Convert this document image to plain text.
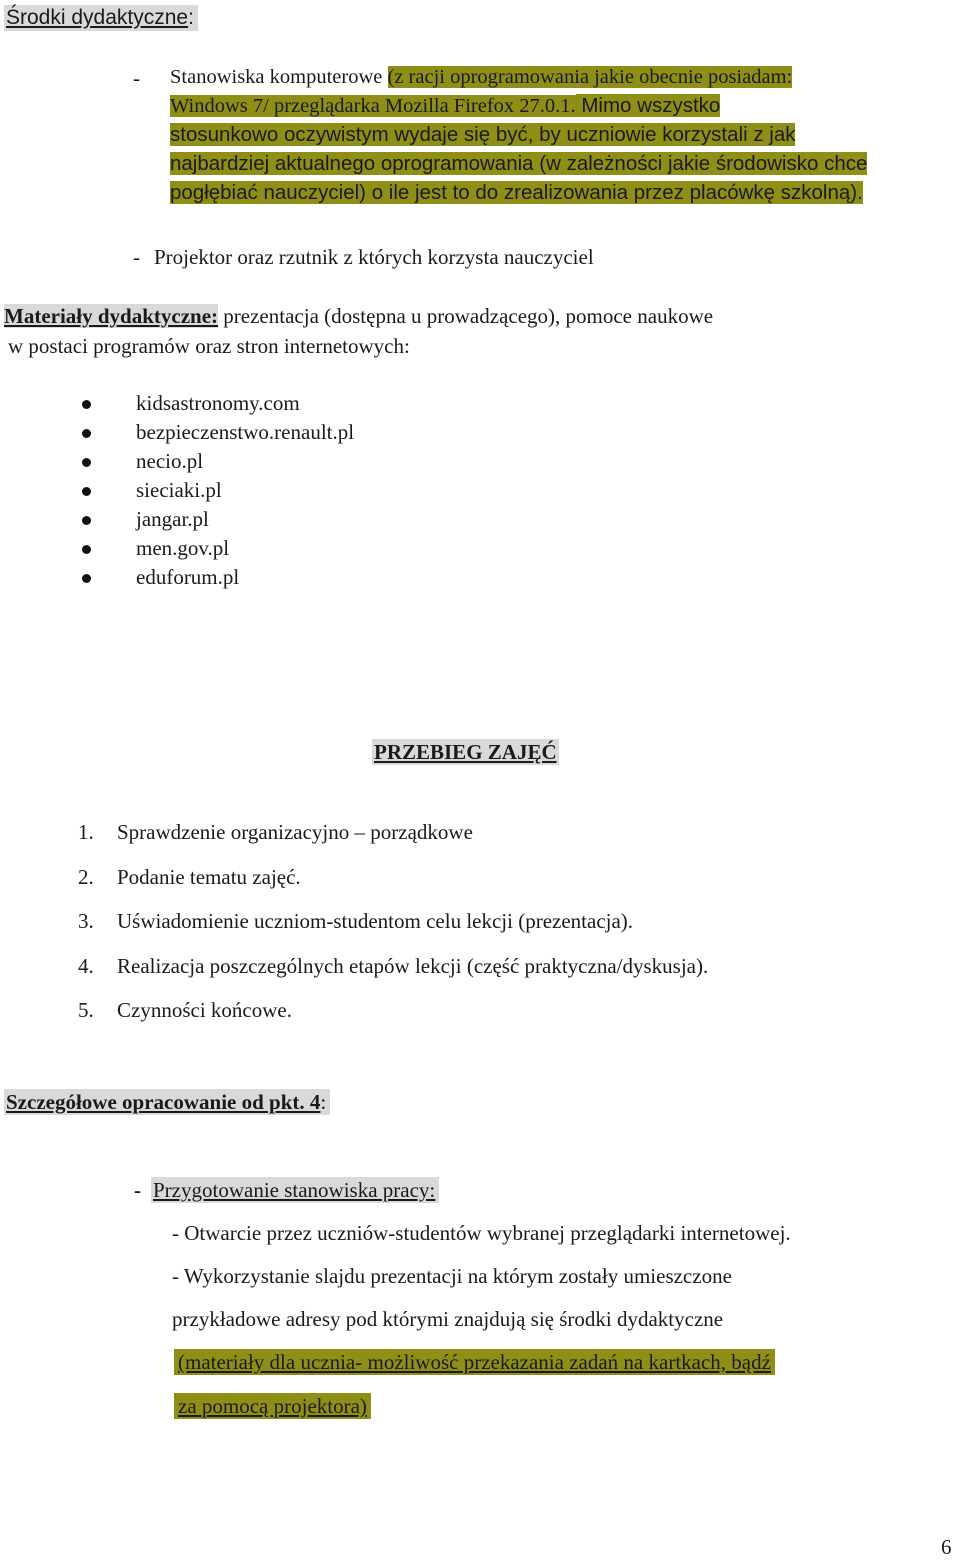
Środki dydaktyczne:
- Stanowiska komputerowe (z racji oprogramowania jakie obecnie posiadam:
Windows 7/ przeglądarka Mozilla Firefox 27.0.1. Mimo wszystko
stosunkowo oczywistym wydaje się być, by uczniowie korzystali z jak
najbardziej aktualnego oprogramowania (w zależności jakie środowisko chce
pogłębiać nauczyciel) o ile jest to do zrealizowania przez placówkę szkolną).
- Projektor oraz rzutnik z których korzysta nauczyciel
Materiały dydaktyczne: prezentacja (dostępna u prowadzącego), pomoce naukowe
w postaci programów oraz stron internetowych:
kidsastronomy.com
bezpieczenstwo.renault.pl
necio.pl
sieciaki.pl
jangar.pl
men.gov.pl
eduforum.pl
PRZEBIEG ZAJĘĆ
1. Sprawdzenie organizacyjno – porządkowe
2. Podanie tematu zajęć.
3. Uświadomienie uczniom-studentom celu lekcji (prezentacja).
4. Realizacja poszczególnych etapów lekcji (część praktyczna/dyskusja).
5. Czynności końcowe.
Szczegółowe opracowanie od pkt. 4:
- Przygotowanie stanowiska pracy:
- Otwarcie przez uczniów-studentów wybranej przeglądarki internetowej.
- Wykorzystanie slajdu prezentacji na którym zostały umieszczone
przykładowe adresy pod którymi znajdują się środki dydaktyczne
(materiały dla ucznia- możliwość przekazania zadań na kartkach, bądź
za pomocą projektora)
6
